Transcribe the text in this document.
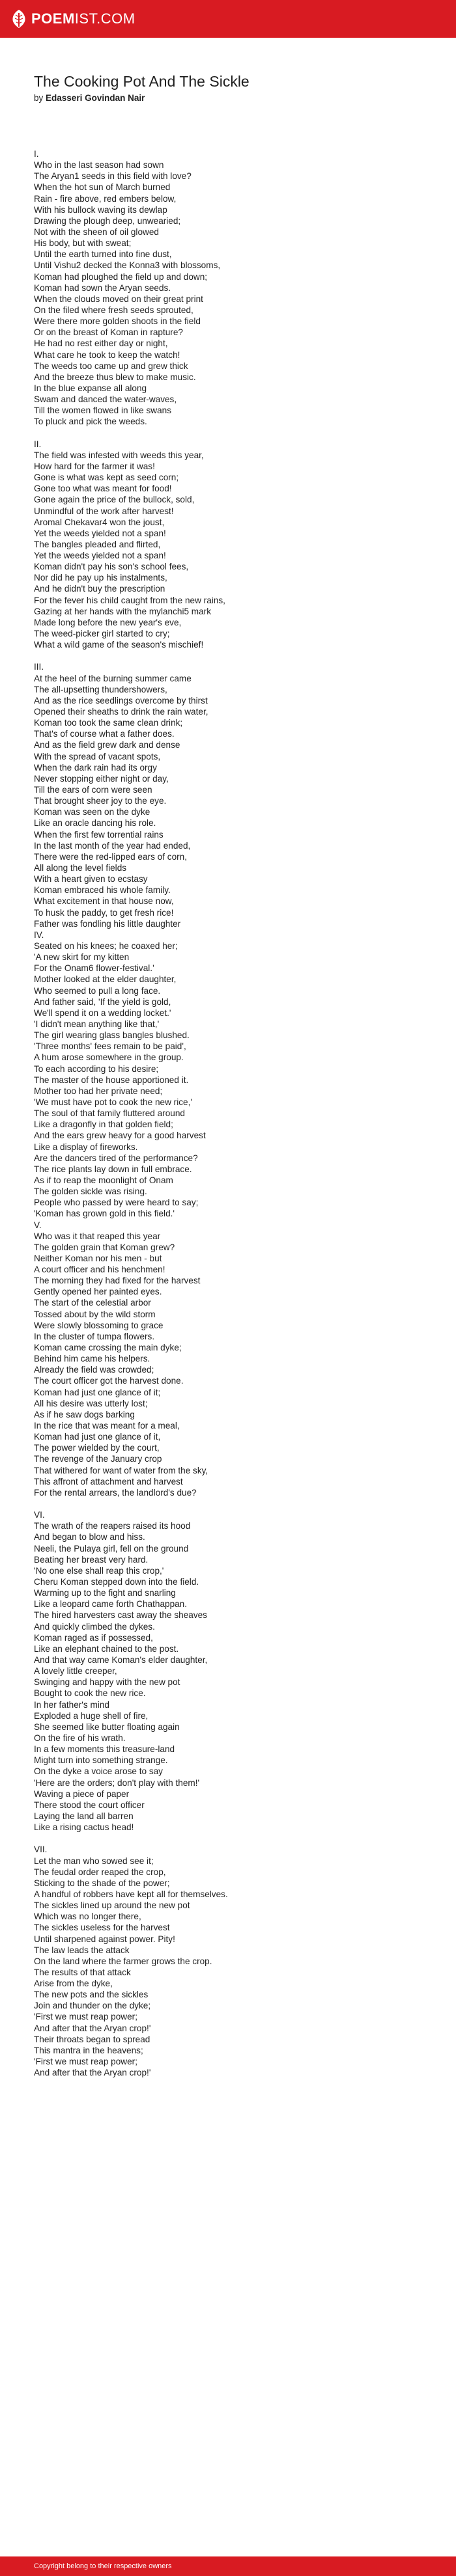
POEMIST.COM
The Cooking Pot And The Sickle
by Edasseri Govindan Nair
I.
Who in the last season had sown
The Aryan1 seeds in this field with love?
When the hot sun of March burned
Rain - fire above, red embers below,
With his bullock waving its dewlap
Drawing the plough deep, unwearied;
Not with the sheen of oil glowed
His body, but with sweat;
Until the earth turned into fine dust,
Until Vishu2 decked the Konna3 with blossoms,
Koman had ploughed the field up and down;
Koman had sown the Aryan seeds.
When the clouds moved on their great print
On the filed where fresh seeds sprouted,
Were there more golden shoots in the field
Or on the breast of Koman in rapture?
He had no rest either day or night,
What care he took to keep the watch!
The weeds too came up and grew thick
And the breeze thus blew to make music.
In the blue expanse all along
Swam and danced the water-waves,
Till the women flowed in like swans
To pluck and pick the weeds.
II.
The field was infested with weeds this year,
How hard for the farmer it was!
Gone is what was kept as seed corn;
Gone too what was meant for food!
Gone again the price of the bullock, sold,
Unmindful of the work after harvest!
Aromal Chekavar4 won the joust,
Yet the weeds yielded not a span!
The bangles pleaded and flirted,
Yet the weeds yielded not a span!
Koman didn't pay his son's school fees,
Nor did he pay up his instalments,
And he didn't buy the prescription
For the fever his child caught from the new rains,
Gazing at her hands with the mylanchi5 mark
Made long before the new year's eve,
The weed-picker girl started to cry;
What a wild game of the season's mischief!
III.
At the heel of the burning summer came
The all-upsetting thundershowers,
And as the rice seedlings overcome by thirst
Opened their sheaths to drink the rain water,
Koman too took the same clean drink;
That's of course what a father does.
And as the field grew dark and dense
With the spread of vacant spots,
When the dark rain had its orgy
Never stopping either night or day,
Till the ears of corn were seen
That brought sheer joy to the eye.
Koman was seen on the dyke
Like an oracle dancing his role.
When the first few torrential rains
In the last month of the year had ended,
There were the red-lipped ears of corn,
All along the level fields
With a heart given to ecstasy
Koman embraced his whole family.
What excitement in that house now,
To husk the paddy, to get fresh rice!
Father was fondling his little daughter
IV.
Seated on his knees; he coaxed her;
'A new skirt for my kitten
For the Onam6 flower-festival.'
Mother looked at the elder daughter,
Who seemed to pull a long face.
And father said, 'If the yield is gold,
We'll spend it on a wedding locket.'
'I didn't mean anything like that,'
The girl wearing glass bangles blushed.
'Three months' fees remain to be paid',
A hum arose somewhere in the group.
To each according to his desire;
The master of the house apportioned it.
Mother too had her private need;
'We must have pot to cook the new rice,'
The soul of that family fluttered around
Like a dragonfly in that golden field;
And the ears grew heavy for a good harvest
Like a display of fireworks.
Are the dancers tired of the performance?
The rice plants lay down in full embrace.
As if to reap the moonlight of Onam
The golden sickle was rising.
People who passed by were heard to say;
'Koman has grown gold in this field.'
V.
Who was it that reaped this year
The golden grain that Koman grew?
Neither Koman nor his men - but
A court officer and his henchmen!
The morning they had fixed for the harvest
Gently opened her painted eyes.
The start of the celestial arbor
Tossed about by the wild storm
Were slowly blossoming to grace
In the cluster of tumpa flowers.
Koman came crossing the main dyke;
Behind him came his helpers.
Already the field was crowded;
The court officer got the harvest done.
Koman had just one glance of it;
All his desire was utterly lost;
As if he saw dogs barking
In the rice that was meant for a meal,
Koman had just one glance of it,
The power wielded by the court,
The revenge of the January crop
That withered for want of water from the sky,
This affront of attachment and harvest
For the rental arrears, the landlord's due?
VI.
The wrath of the reapers raised its hood
And began to blow and hiss.
Neeli, the Pulaya girl, fell on the ground
Beating her breast very hard.
'No one else shall reap this crop,'
Cheru Koman stepped down into the field.
Warming up to the fight and snarling
Like a leopard came forth Chathappan.
The hired harvesters cast away the sheaves
And quickly climbed the dykes.
Koman raged as if possessed,
Like an elephant chained to the post.
And that way came Koman's elder daughter,
A lovely little creeper,
Swinging and happy with the new pot
Bought to cook the new rice.
In her father's mind
Exploded a huge shell of fire,
She seemed like butter floating again
On the fire of his wrath.
In a few moments this treasure-land
Might turn into something strange.
On the dyke a voice arose to say
'Here are the orders; don't play with them!'
Waving a piece of paper
There stood the court officer
Laying the land all barren
Like a rising cactus head!
VII.
Let the man who sowed see it;
The feudal order reaped the crop,
Sticking to the shade of the power;
A handful of robbers have kept all for themselves.
The sickles lined up around the new pot
Which was no longer there,
The sickles useless for the harvest
Until sharpened against power. Pity!
The law leads the attack
On the land where the farmer grows the crop.
The results of that attack
Arise from the dyke,
The new pots and the sickles
Join and thunder on the dyke;
'First we must reap power;
And after that the Aryan crop!'
Their throats began to spread
This mantra in the heavens;
'First we must reap power;
And after that the Aryan crop!'
Copyright belong to their respective owners
